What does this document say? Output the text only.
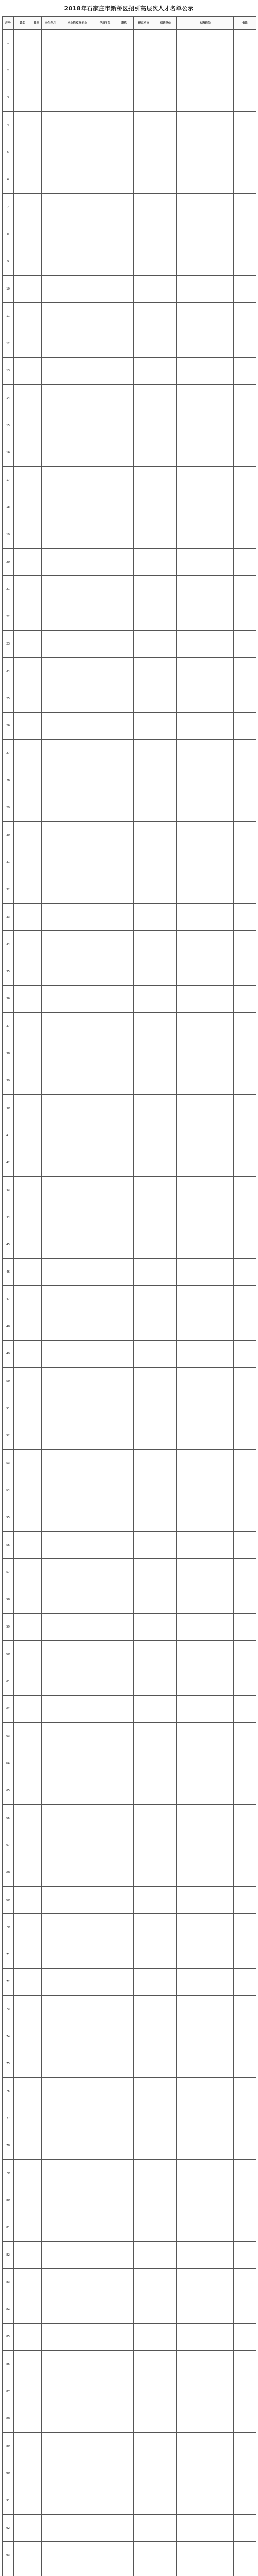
2018年石家庄市新桥区招引高层次人才名单公示
序号	姓名	性别	出生年月	毕业院校及专业	学历学位	职称	研究方向	拟聘单位	拟聘岗位	备注
1										
2										
3										
4										
5										
6										
7										
8										
9										
10										
11										
12										
13										
14										
15										
16										
17										
18										
19										
20										
21										
22										
23										
24										
25										
26										
27										
28										
29										
30										
31										
32										
33										
34										
35										
36										
37										
38										
39										
40										
41										
42										
43										
44										
45										
46										
47										
48										
49										
50										
51										
52										
53										
54										
55										
56										
57										
58										
59										
60										
61										
62										
63										
64										
65										
66										
67										
68										
69										
70										
71										
72										
73										
74										
75										
76										
77										
78										
79										
80										
81										
82										
83										
84										
85										
86										
87										
88										
89										
90										
91										
92										
93										
